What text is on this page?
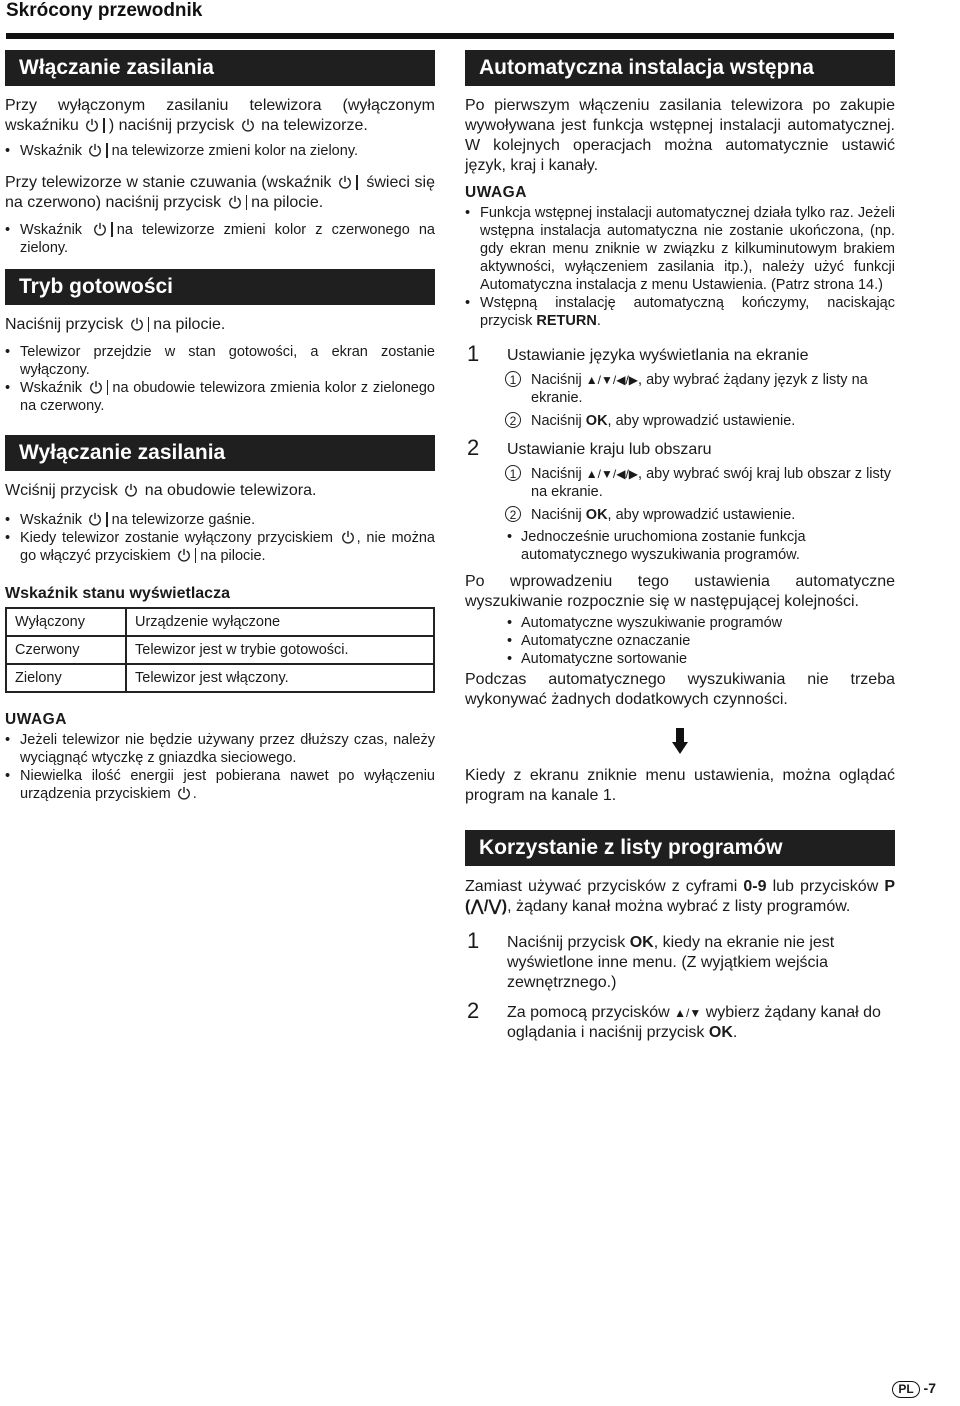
Skrócony przewodnik
Włączanie zasilania

Przy wyłączonym zasilaniu telewizora (wyłączonym wskaźniku ) naciśnij przycisk na telewizorze.

• Wskaźnik na telewizorze zmieni kolor na zielony.

Przy telewizorze w stanie czuwania (wskaźnik świeci się na czerwono) naciśnij przycisk na pilocie.

• Wskaźnik na telewizorze zmieni kolor z czerwonego na zielony.
Tryb gotowości

Naciśnij przycisk na pilocie.

• Telewizor przejdzie w stan gotowości, a ekran zostanie wyłączony.
• Wskaźnik na obudowie telewizora zmienia kolor z zielonego na czerwony.
Wyłączanie zasilania

Wciśnij przycisk na obudowie telewizora.

• Wskaźnik na telewizorze gaśnie.
• Kiedy telewizor zostanie wyłączony przyciskiem , nie można go włączyć przyciskiem na pilocie.
Wskaźnik stanu wyświetlacza
Wyłączony	Urządzenie wyłączone
Czerwony	Telewizor jest w trybie gotowości.
Zielony	Telewizor jest włączony.
UWAGA
• Jeżeli telewizor nie będzie używany przez dłuższy czas, należy wyciągnąć wtyczkę z gniazdka sieciowego.
• Niewielka ilość energii jest pobierana nawet po wyłączeniu urządzenia przyciskiem .
Automatyczna instalacja wstępna

Po pierwszym włączeniu zasilania telewizora po zakupie wywoływana jest funkcja wstępnej instalacji automatycznej. W kolejnych operacjach można automatycznie ustawić język, kraj i kanały.

UWAGA
• Funkcja wstępnej instalacji automatycznej działa tylko raz. Jeżeli wstępna instalacja automatyczna nie zostanie ukończona, (np. gdy ekran menu zniknie w związku z kilkuminutowym brakiem aktywności, wyłączeniem zasilania itp.), należy użyć funkcji Automatyczna instalacja z menu Ustawienia. (Patrz strona 14.)
• Wstępną instalację automatyczną kończymy, naciskając przycisk RETURN.
1 Ustawianie języka wyświetlania na ekranie
1	Naciśnij ▲/▼/◀/▶, aby wybrać żądany język z listy na ekranie.
2	Naciśnij OK, aby wprowadzić ustawienie.
2 Ustawianie kraju lub obszaru
1	Naciśnij ▲/▼/◀/▶, aby wybrać swój kraj lub obszar z listy na ekranie.
2	Naciśnij OK, aby wprowadzić ustawienie.
• Jednocześnie uruchomiona zostanie funkcja automatycznego wyszukiwania programów.

Po wprowadzeniu tego ustawienia automatyczne wyszukiwanie rozpocznie się w następującej kolejności.

• Automatyczne wyszukiwanie programów
• Automatyczne oznaczanie
• Automatyczne sortowanie

Podczas automatycznego wyszukiwania nie trzeba wykonywać żadnych dodatkowych czynności.

Kiedy z ekranu zniknie menu ustawienia, można oglądać program na kanale 1.

Korzystanie z listy programów

Zamiast używać przycisków z cyframi 0-9 lub przycisków P (⋀/⋁), żądany kanał można wybrać z listy programów.

1 Naciśnij przycisk OK, kiedy na ekranie nie jest wyświetlone inne menu. (Z wyjątkiem wejścia zewnętrznego.)
2 Za pomocą przycisków ▲/▼ wybierz żądany kanał do oglądania i naciśnij przycisk OK.
PL -7
